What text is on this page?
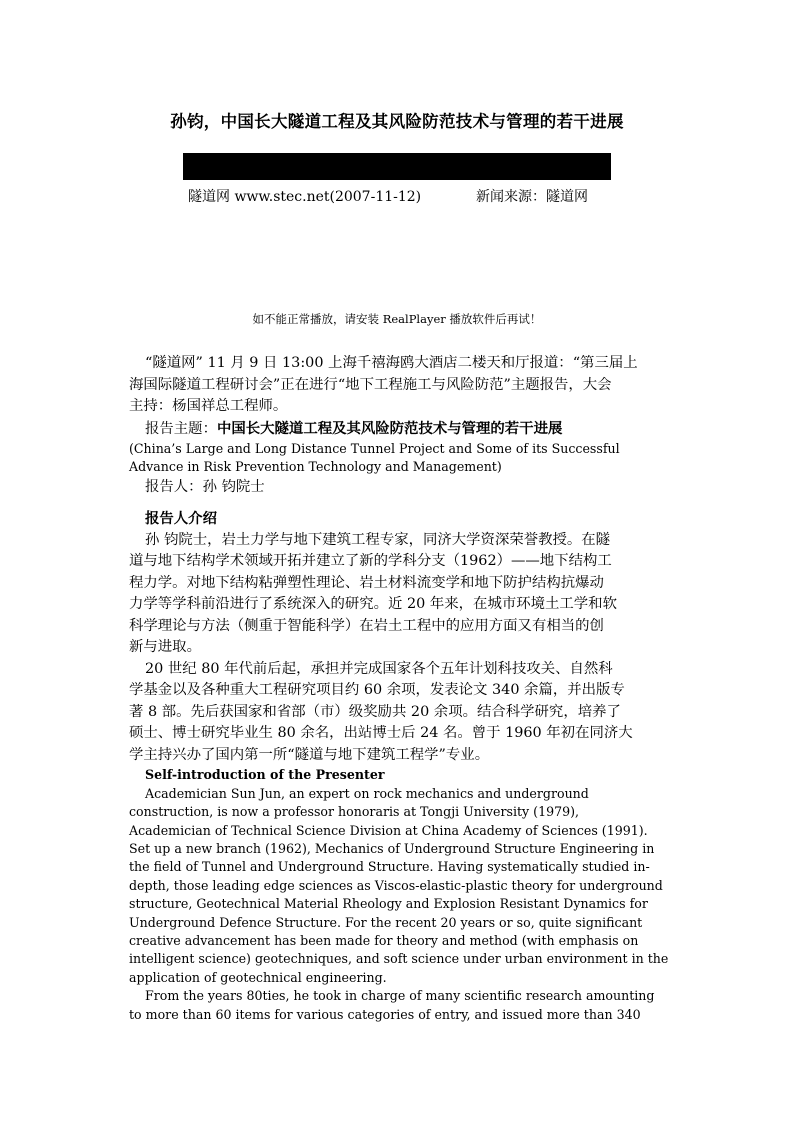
孙钧，中国长大隧道工程及其风险防范技术与管理的若干进展
隧道网 www.stec.net(2007-11-12)	新闻来源：隧道网
如不能正常播放，请安装 RealPlayer 播放软件后再试！
“隧道网” 11 月 9 日 13:00 上海千禧海鸥大酒店二楼天和厅报道：“第三届上
海国际隧道工程研讨会”正在进行“地下工程施工与风险防范”主题报告，大会
主持：杨国祥总工程师。
报告主题：中国长大隧道工程及其风险防范技术与管理的若干进展
(China’s Large and Long Distance Tunnel Project and Some of its Successful
Advance in Risk Prevention Technology and Management)
报告人：孙 钧院士
报告人介绍
孙 钧院士，岩土力学与地下建筑工程专家，同济大学资深荣誉教授。在隧
道与地下结构学术领域开拓并建立了新的学科分支（1962）——地下结构工
程力学。对地下结构粘弹塑性理论、岩土材料流变学和地下防护结构抗爆动
力学等学科前沿进行了系统深入的研究。近 20 年来，在城市环境土工学和软
科学理论与方法（侧重于智能科学）在岩土工程中的应用方面又有相当的创
新与进取。
20 世纪 80 年代前后起，承担并完成国家各个五年计划科技攻关、自然科
学基金以及各种重大工程研究项目约 60 余项，发表论文 340 余篇，并出版专
著 8 部。先后获国家和省部（市）级奖励共 20 余项。结合科学研究，培养了
硕士、博士研究毕业生 80 余名，出站博士后 24 名。曾于 1960 年初在同济大
学主持兴办了国内第一所“隧道与地下建筑工程学”专业。
Self-introduction of the Presenter
Academician Sun Jun, an expert on rock mechanics and underground
construction, is now a professor honoraris at Tongji University (1979),
Academician of Technical Science Division at China Academy of Sciences (1991).
Set up a new branch (1962), Mechanics of Underground Structure Engineering in
the field of Tunnel and Underground Structure. Having systematically studied in-
depth, those leading edge sciences as Viscos-elastic-plastic theory for underground
structure, Geotechnical Material Rheology and Explosion Resistant Dynamics for
Underground Defence Structure. For the recent 20 years or so, quite significant
creative advancement has been made for theory and method (with emphasis on
intelligent science) geotechniques, and soft science under urban environment in the
application of geotechnical engineering.
From the years 80ties, he took in charge of many scientific research amounting
to more than 60 items for various categories of entry, and issued more than 340
